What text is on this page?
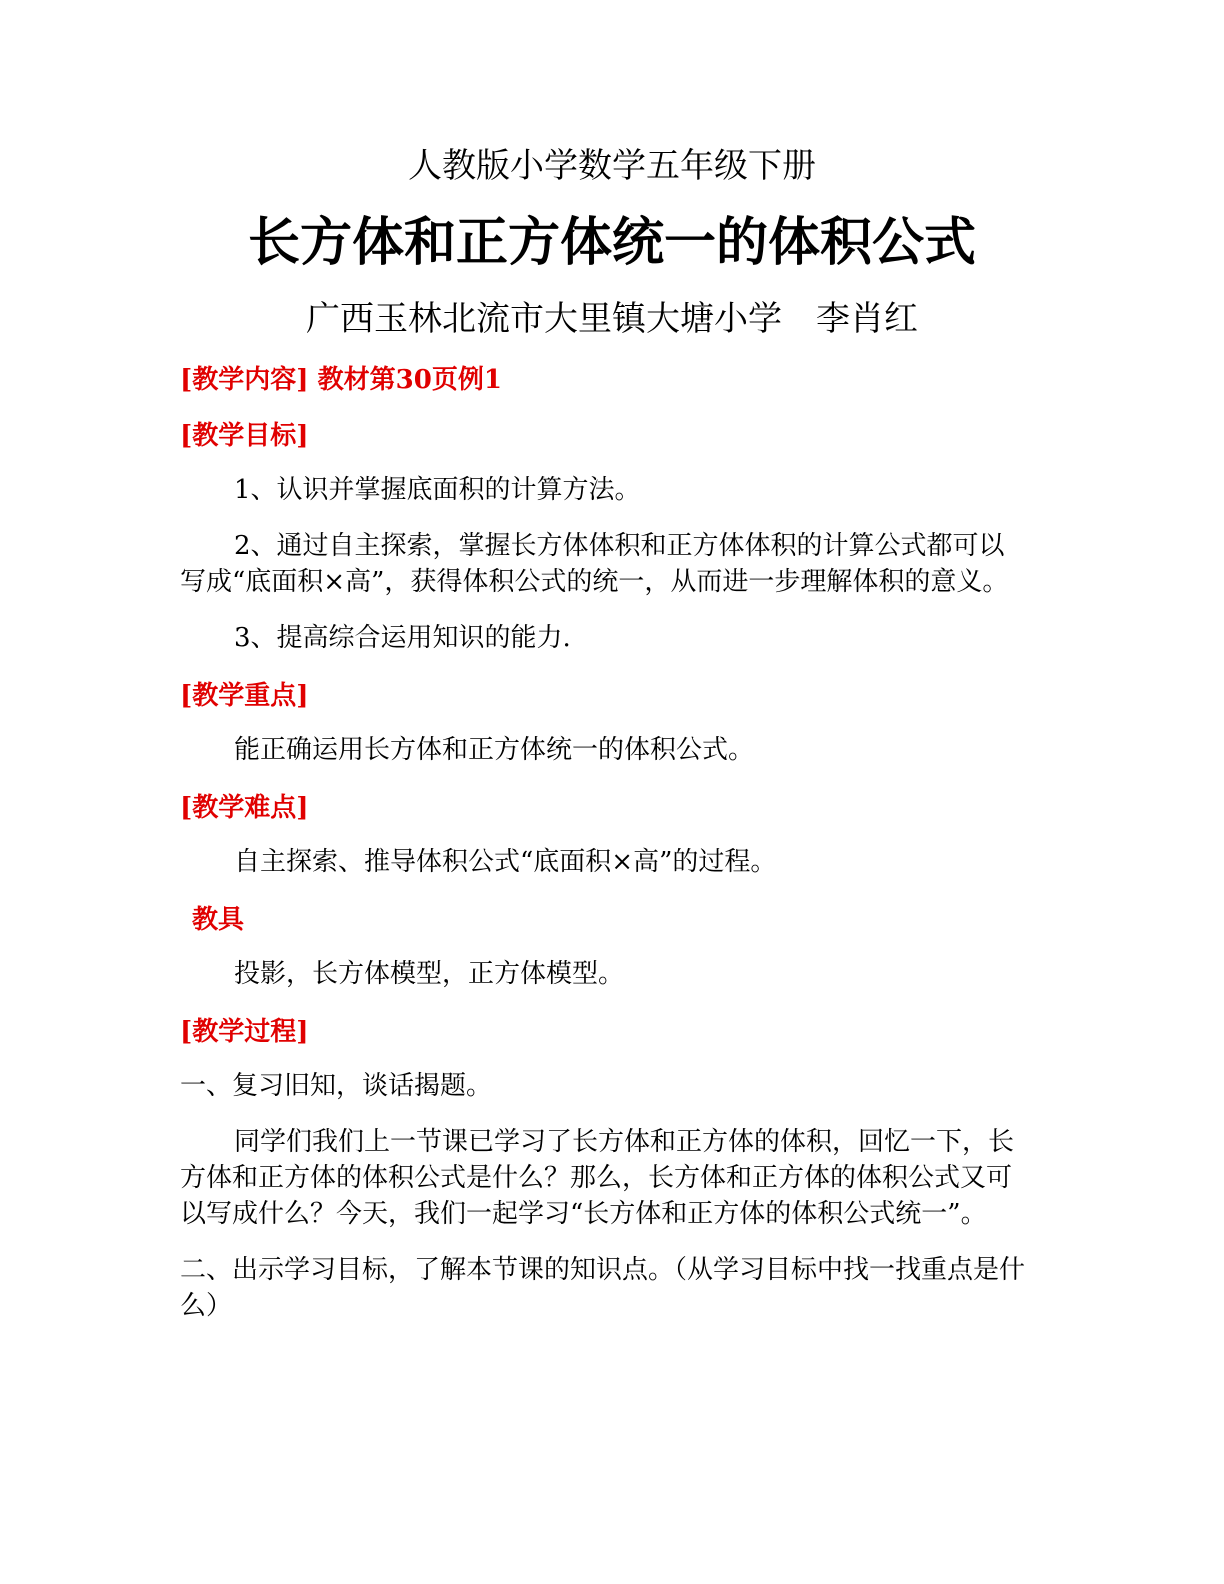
人教版小学数学五年级下册
长方体和正方体统一的体积公式
广西玉林北流市大里镇大塘小学　李肖红
[教学内容] 教材第30页例1
[教学目标]

1、认识并掌握底面积的计算方法。

2、通过自主探索，掌握长方体体积和正方体体积的计算公式都可以写成“底面积×高”，获得体积公式的统一，从而进一步理解体积的意义。

3、提高综合运用知识的能力.

[教学重点]

能正确运用长方体和正方体统一的体积公式。

[教学难点]

自主探索、推导体积公式“底面积×高”的过程。

教具

投影，长方体模型，正方体模型。

[教学过程]

一、复习旧知，谈话揭题。

同学们我们上一节课已学习了长方体和正方体的体积，回忆一下，长方体和正方体的体积公式是什么？那么，长方体和正方体的体积公式又可以写成什么？今天，我们一起学习“长方体和正方体的体积公式统一”。

二、出示学习目标，了解本节课的知识点。（从学习目标中找一找重点是什么）
